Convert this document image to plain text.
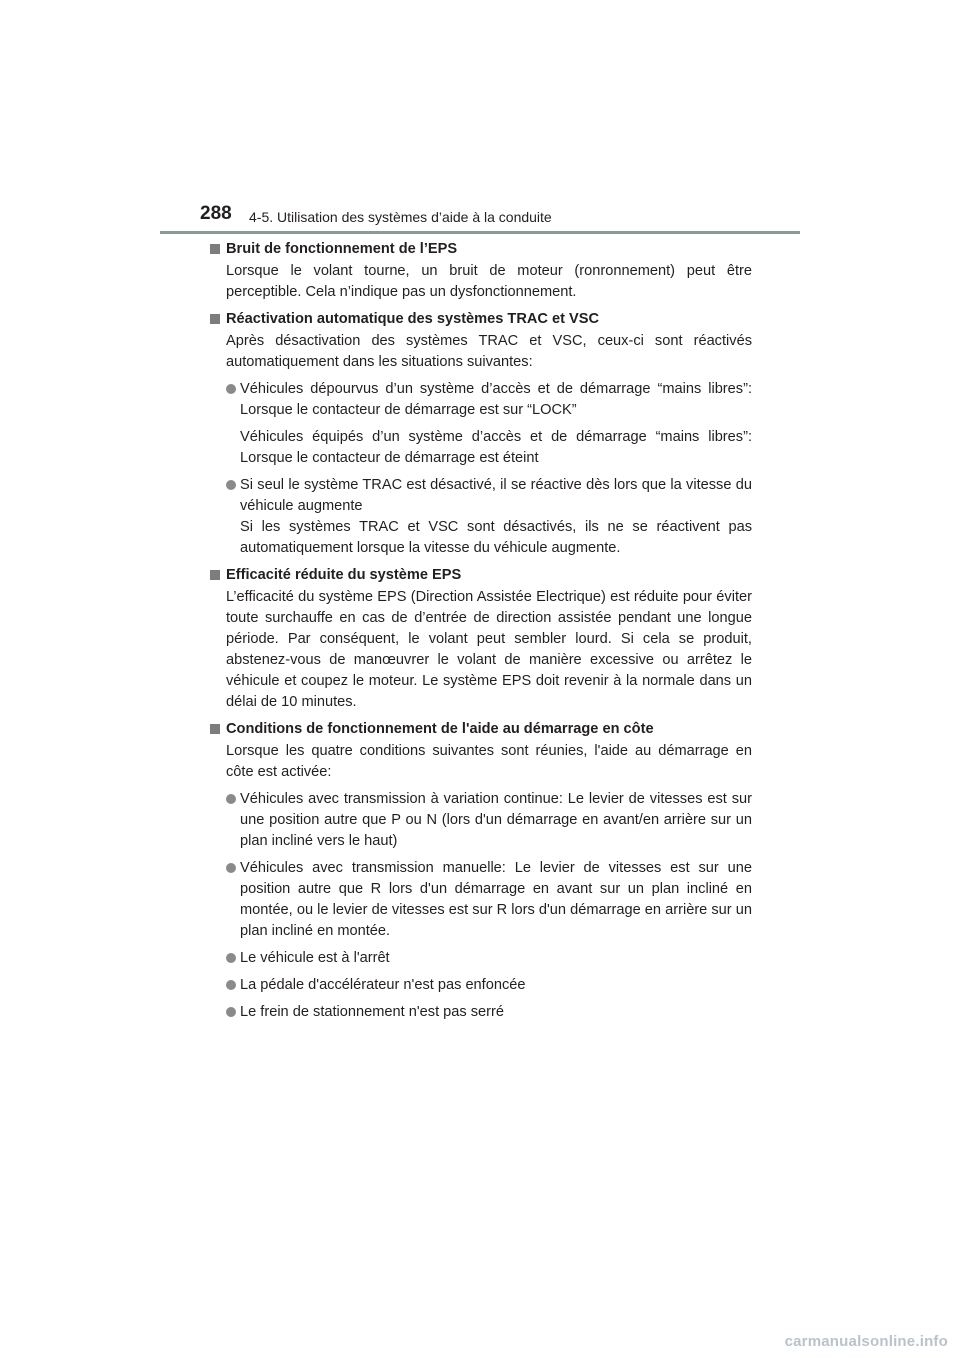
288 4-5. Utilisation des systèmes d’aide à la conduite
Bruit de fonctionnement de l’EPS
Lorsque le volant tourne, un bruit de moteur (ronronnement) peut être perceptible. Cela n’indique pas un dysfonctionnement.
Réactivation automatique des systèmes TRAC et VSC
Après désactivation des systèmes TRAC et VSC, ceux-ci sont réactivés automatiquement dans les situations suivantes:

Véhicules dépourvus d’un système d’accès et de démarrage “mains libres”: Lorsque le contacteur de démarrage est sur “LOCK”

Véhicules équipés d’un système d’accès et de démarrage “mains libres”: Lorsque le contacteur de démarrage est éteint

Si seul le système TRAC est désactivé, il se réactive dès lors que la vitesse du véhicule augmente

Si les systèmes TRAC et VSC sont désactivés, ils ne se réactivent pas automatiquement lorsque la vitesse du véhicule augmente.

Efficacité réduite du système EPS
L’efficacité du système EPS (Direction Assistée Electrique) est réduite pour éviter toute surchauffe en cas de d’entrée de direction assistée pendant une longue période. Par conséquent, le volant peut sembler lourd. Si cela se produit, abstenez-vous de manœuvrer le volant de manière excessive ou arrêtez le véhicule et coupez le moteur. Le système EPS doit revenir à la normale dans un délai de 10 minutes.
Conditions de fonctionnement de l'aide au démarrage en côte
Lorsque les quatre conditions suivantes sont réunies, l'aide au démarrage en côte est activée:

Véhicules avec transmission à variation continue: Le levier de vitesses est sur une position autre que P ou N (lors d'un démarrage en avant/en arrière sur un plan incliné vers le haut)

Véhicules avec transmission manuelle: Le levier de vitesses est sur une position autre que R lors d'un démarrage en avant sur un plan incliné en montée, ou le levier de vitesses est sur R lors d'un démarrage en arrière sur un plan incliné en montée.

Le véhicule est à l'arrêt

La pédale d'accélérateur n'est pas enfoncée

Le frein de stationnement n'est pas serré

carmanualsonline.info
